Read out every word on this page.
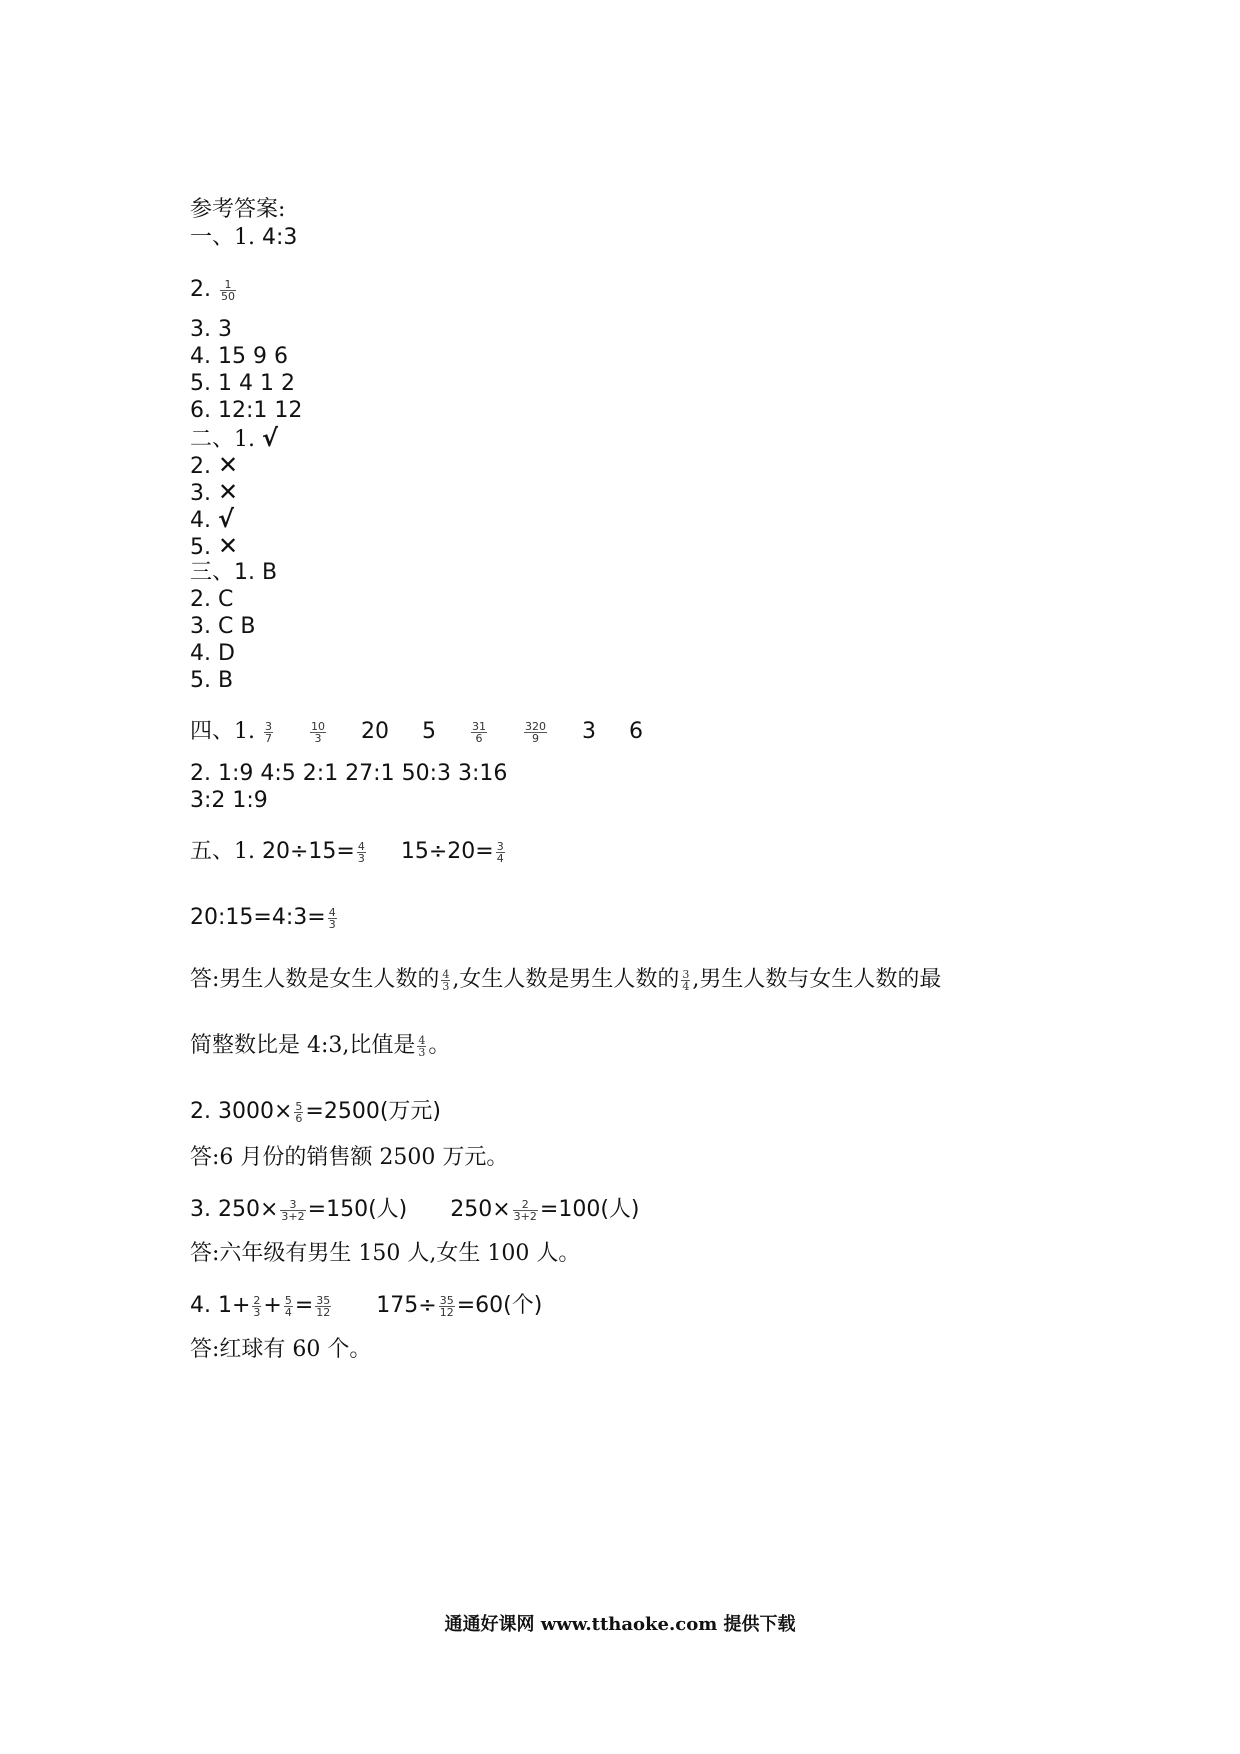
参考答案:
一、1. 4:3
2. $\frac{1}{50}$
3. 3
4. 15 9 6
5. 1 4 1 2
6. 12:1 12
二、1. √
2. ✕
3. ✕
4. √
5. ✕
三、1. B
2. C
3. C B
4. D
5. B
四、1. $\frac{3}{7}$
	$\frac{10}{3} 20$ 5	$\frac{31}{6}$
	$\frac{320}{9} 3$ 6
2. 1:9 4:5 2:1 27:1 50:3 3:16
3:2 1:9
五、1. $20\div 15= \frac{4}{3} 15\div 20= \frac{3}{4}$
20:15=4:3= $\frac{4}{3}$
答:男生人数是女生人数的 $\frac{4}{3}$ ,女生人数是男生人数的 $\frac{3}{4}$ ,男生人数与女生人数的最
简整数比是 4:3,比值是 $\frac{4}{3}$ 。
2. $3000\times \frac{5}{6} =2500$(万元)
答:6 月份的销售额 2500 万元。
3. $250\times \frac{3}{3+2} =150$(人) $250\times \frac{2}{3+2} =100$(人)
答:六年级有男生 150 人,女生 100 人。
4. $1+ \frac{2}{3} + \frac{5}{4} = \frac{35}{12} 175\div \frac{35}{12} =60$(个)
答:红球有 60 个。
通通好课网 www.tthaoke.com 提供下载
